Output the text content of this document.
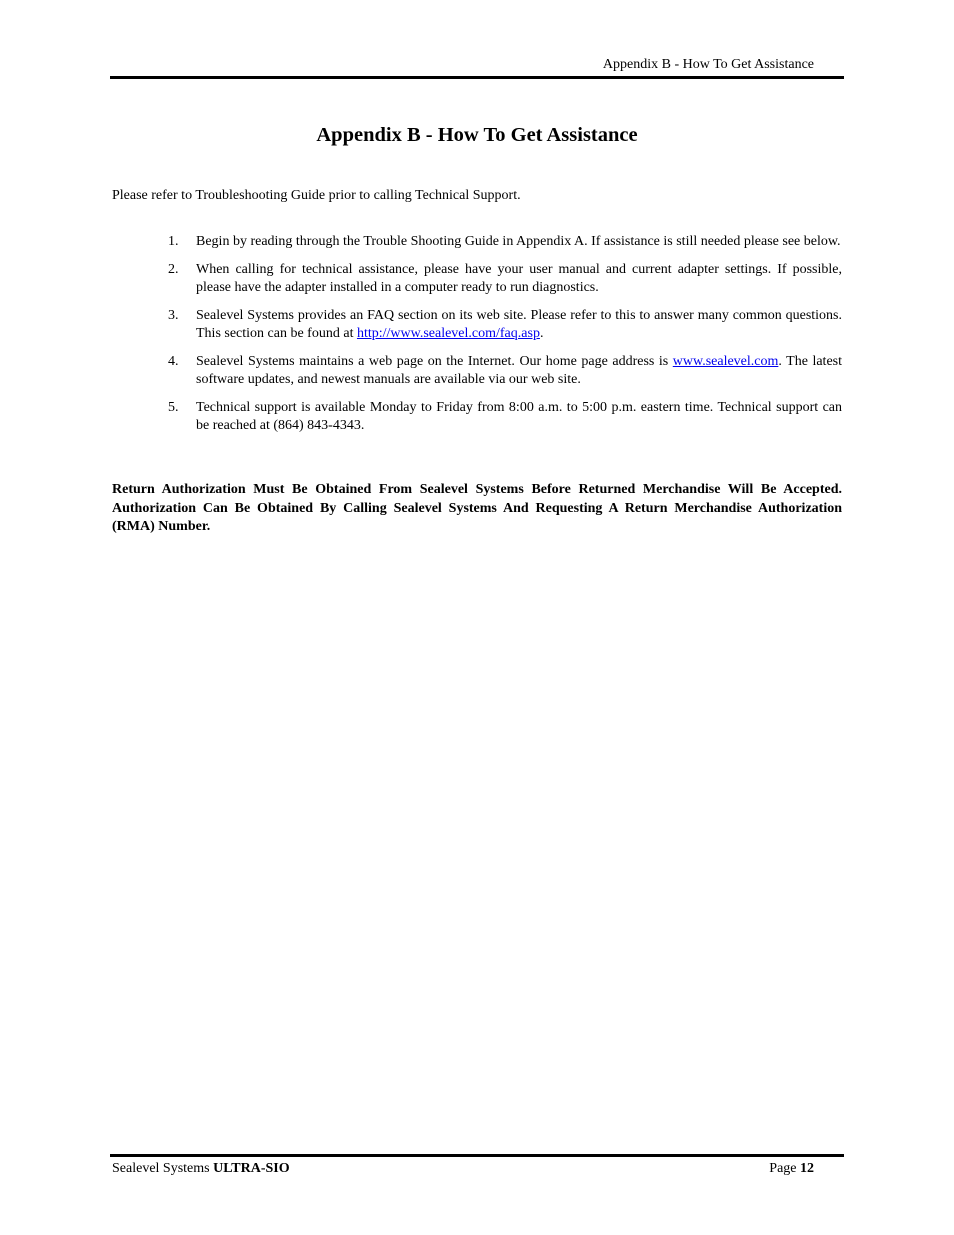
Appendix B - How To Get Assistance
Appendix B - How To Get Assistance

Please refer to Troubleshooting Guide prior to calling Technical Support.

1. Begin by reading through the Trouble Shooting Guide in Appendix A. If assistance is still needed please see below.
2. When calling for technical assistance, please have your user manual and current adapter settings. If possible, please have the adapter installed in a computer ready to run diagnostics.
3. Sealevel Systems provides an FAQ section on its web site. Please refer to this to answer many common questions. This section can be found at http://www.sealevel.com/faq.asp.
4. Sealevel Systems maintains a web page on the Internet. Our home page address is www.sealevel.com. The latest software updates, and newest manuals are available via our web site.
5. Technical support is available Monday to Friday from 8:00 a.m. to 5:00 p.m. eastern time. Technical support can be reached at (864) 843-4343.

Return Authorization Must Be Obtained From Sealevel Systems Before Returned Merchandise Will Be Accepted. Authorization Can Be Obtained By Calling Sealevel Systems And Requesting A Return Merchandise Authorization (RMA) Number.

Sealevel Systems ULTRA-SIO	Page 12
